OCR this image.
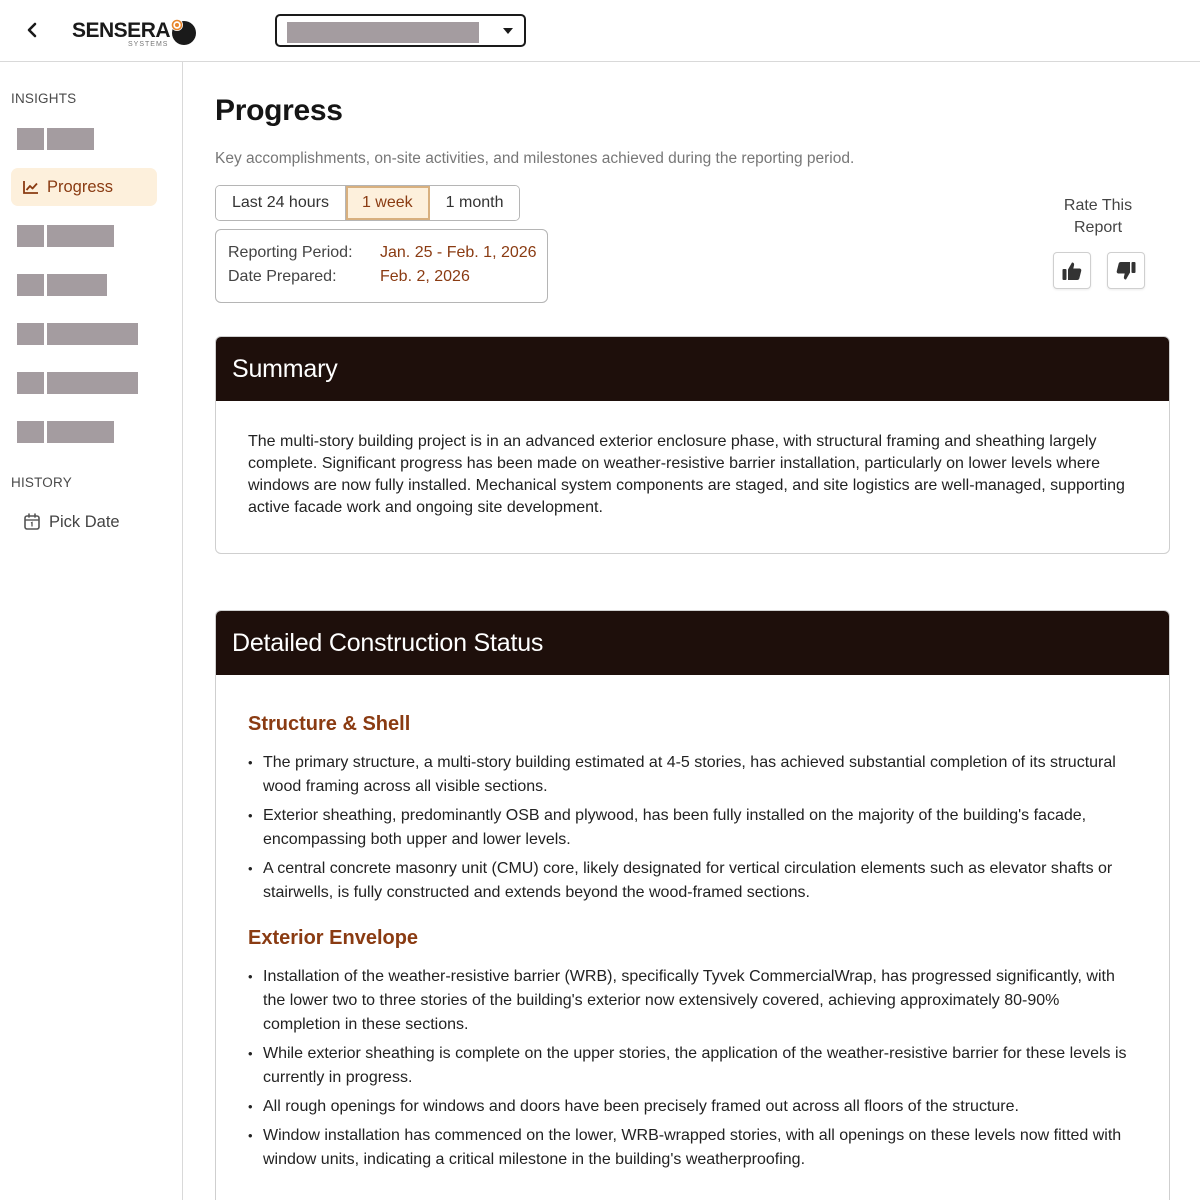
SENSERA
SYSTEMS
INSIGHTS
Progress
HISTORY
Pick Date
Progress

Key accomplishments, on-site activities, and milestones achieved during the reporting period.

Last 24 hours	1 week	1 month
Reporting Period: Jan. 25 - Feb. 1, 2026
Date Prepared:	Feb. 2, 2026
Rate This
Report
Summary
The multi-story building project is in an advanced exterior enclosure phase, with structural framing and sheathing largely complete. Significant progress has been made on weather-resistive barrier installation, particularly on lower levels where windows are now fully installed. Mechanical system components are staged, and site logistics are well-managed, supporting active facade work and ongoing site development.
Detailed Construction Status
Structure & Shell
• The primary structure, a multi-story building estimated at 4-5 stories, has achieved substantial completion of its structural wood framing across all visible sections.
• Exterior sheathing, predominantly OSB and plywood, has been fully installed on the majority of the building's facade, encompassing both upper and lower levels.
• A central concrete masonry unit (CMU) core, likely designated for vertical circulation elements such as elevator shafts or stairwells, is fully constructed and extends beyond the wood-framed sections.
Exterior Envelope
• Installation of the weather-resistive barrier (WRB), specifically Tyvek CommercialWrap, has progressed significantly, with the lower two to three stories of the building's exterior now extensively covered, achieving approximately 80-90% completion in these sections.
• While exterior sheathing is complete on the upper stories, the application of the weather-resistive barrier for these levels is currently in progress.
• All rough openings for windows and doors have been precisely framed out across all floors of the structure.
• Window installation has commenced on the lower, WRB-wrapped stories, with all openings on these levels now fitted with window units, indicating a critical milestone in the building's weatherproofing.
